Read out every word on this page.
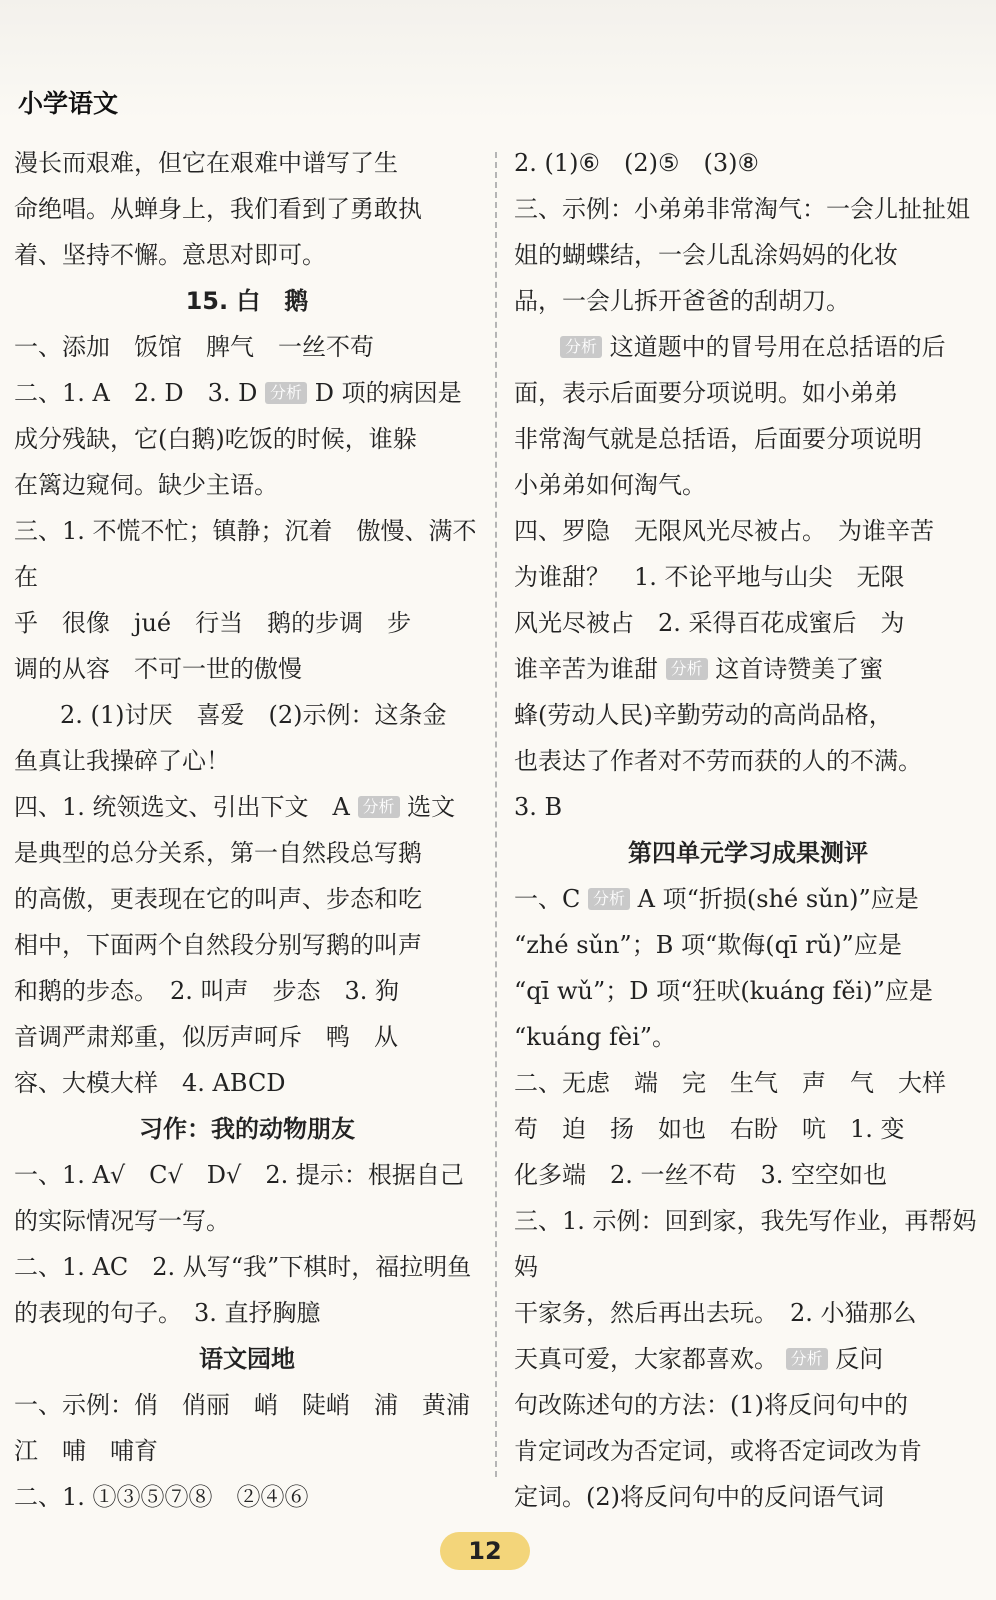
小学语文
漫长而艰难，但它在艰难中谱写了生
命绝唱。从蝉身上，我们看到了勇敢执
着、坚持不懈。意思对即可。
15. 白　鹅
一、添加　饭馆　脾气　一丝不苟
二、1. A　2. D　3. D 分析 D 项的病因是
成分残缺，它(白鹅)吃饭的时候，谁躲
在篱边窥伺。缺少主语。
三、1. 不慌不忙；镇静；沉着　傲慢、满不在
乎　很像　jué　行当　鹅的步调　步
调的从容　不可一世的傲慢
2. (1)讨厌　喜爱　(2)示例：这条金
鱼真让我操碎了心！
四、1. 统领选文、引出下文　A 分析 选文
是典型的总分关系，第一自然段总写鹅
的高傲，更表现在它的叫声、步态和吃
相中，下面两个自然段分别写鹅的叫声
和鹅的步态。　2. 叫声　步态　3. 狗
音调严肃郑重，似厉声呵斥　鸭　从
容、大模大样　4. ABCD
习作：我的动物朋友
一、1. A√　C√　D√　2. 提示：根据自己
的实际情况写一写。
二、1. AC　2. 从写“我”下棋时，福拉明鱼
的表现的句子。　3. 直抒胸臆
语文园地
一、示例：俏　俏丽　峭　陡峭　浦　黄浦
江　哺　哺育
二、1. ①③⑤⑦⑧　②④⑥
2. (1)⑥　(2)⑤　(3)⑧
三、示例：小弟弟非常淘气：一会儿扯扯姐
姐的蝴蝶结，一会儿乱涂妈妈的化妆
品，一会儿拆开爸爸的刮胡刀。
分析 这道题中的冒号用在总括语的后
面，表示后面要分项说明。如小弟弟
非常淘气就是总括语，后面要分项说明
小弟弟如何淘气。
四、罗隐　无限风光尽被占。　为谁辛苦
为谁甜？　1. 不论平地与山尖　无限
风光尽被占　2. 采得百花成蜜后　为
谁辛苦为谁甜 分析 这首诗赞美了蜜
蜂(劳动人民)辛勤劳动的高尚品格，
也表达了作者对不劳而获的人的不满。
3. B
第四单元学习成果测评
一、C 分析 A 项“折损(shé sǔn)”应是
“zhé sǔn”；B 项“欺侮(qī rǔ)”应是
“qī wǔ”；D 项“狂吠(kuáng fěi)”应是
“kuáng fèi”。
二、无虑　端　完　生气　声　气　大样
苟　迫　扬　如也　右盼　吭　1. 变
化多端　2. 一丝不苟　3. 空空如也
三、1. 示例：回到家，我先写作业，再帮妈妈
干家务，然后再出去玩。　2. 小猫那么
天真可爱，大家都喜欢。 分析 反问
句改陈述句的方法：(1)将反问句中的
肯定词改为否定词，或将否定词改为肯
定词。(2)将反问句中的反问语气词
12
